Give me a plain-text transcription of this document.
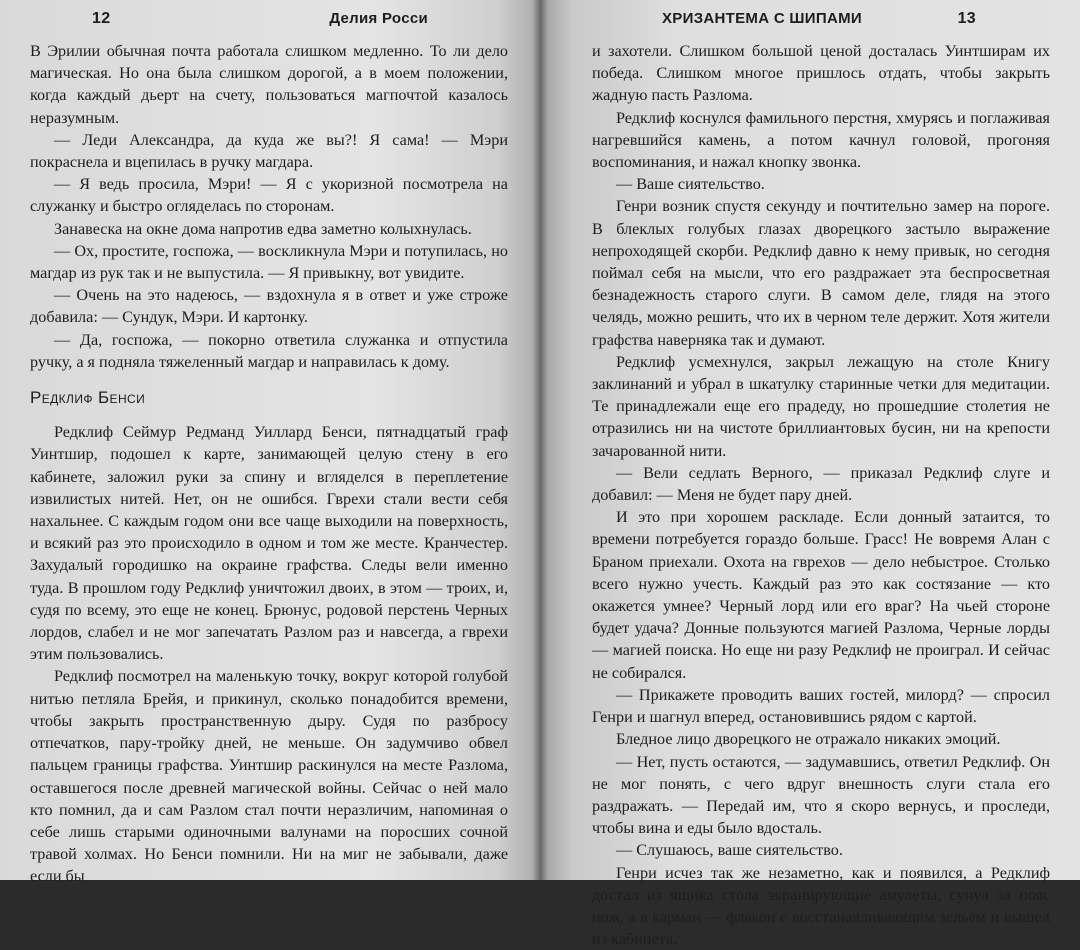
12	Делия Росси

В Эрилии обычная почта работала слишком медленно. То ли дело магическая. Но она была слишком дорогой, а в моем положении, когда каждый дьерт на счету, пользоваться магпочтой казалось неразумным.

— Леди Александра, да куда же вы?! Я сама! — Мэри покраснела и вцепилась в ручку магдара.

— Я ведь просила, Мэри! — Я с укоризной посмотрела на служанку и быстро огляделась по сторонам.

Занавеска на окне дома напротив едва заметно колыхнулась.

— Ох, простите, госпожа, — воскликнула Мэри и потупилась, но магдар из рук так и не выпустила. — Я привыкну, вот увидите.

— Очень на это надеюсь, — вздохнула я в ответ и уже строже добавила: — Сундук, Мэри. И картонку.

— Да, госпожа, — покорно ответила служанка и отпустила ручку, а я подняла тяжеленный магдар и направилась к дому.

Редклиф Бенси

Редклиф Сеймур Редманд Уиллард Бенси, пятнадцатый граф Уинтшир, подошел к карте, занимающей целую стену в его кабинете, заложил руки за спину и вгляделся в переплетение извилистых нитей. Нет, он не ошибся. Гврехи стали вести себя нахальнее. С каждым годом они все чаще выходили на поверхность, и всякий раз это происходило в одном и том же месте. Кранчестер. Захудалый городишко на окраине графства. Следы вели именно туда. В прошлом году Редклиф уничтожил двоих, в этом — троих, и, судя по всему, это еще не конец. Брюнус, родовой перстень Черных лордов, слабел и не мог запечатать Разлом раз и навсегда, а гврехи этим пользовались.

Редклиф посмотрел на маленькую точку, вокруг которой голубой нитью петляла Брейя, и прикинул, сколько понадобится времени, чтобы закрыть пространственную дыру. Судя по разбросу отпечатков, пару-тройку дней, не меньше. Он задумчиво обвел пальцем границы графства. Уинтшир раскинулся на месте Разлома, оставшегося после древней магической войны. Сейчас о ней мало кто помнил, да и сам Разлом стал почти неразличим, напоминая о себе лишь старыми одиночными валунами на поросших сочной травой холмах. Но Бенси помнили. Ни на миг не забывали, даже если бы

ХРИЗАНТЕМА С ШИПАМИ	13

и захотели. Слишком большой ценой досталась Уинтширам их победа. Слишком многое пришлось отдать, чтобы закрыть жадную пасть Разлома.

Редклиф коснулся фамильного перстня, хмурясь и поглаживая нагревшийся камень, а потом качнул головой, прогоняя воспоминания, и нажал кнопку звонка.

— Ваше сиятельство.

Генри возник спустя секунду и почтительно замер на пороге. В блеклых голубых глазах дворецкого застыло выражение непроходящей скорби. Редклиф давно к нему привык, но сегодня поймал себя на мысли, что его раздражает эта беспросветная безнадежность старого слуги. В самом деле, глядя на этого челядь, можно решить, что их в черном теле держит. Хотя жители графства наверняка так и думают.

Редклиф усмехнулся, закрыл лежащую на столе Книгу заклинаний и убрал в шкатулку старинные четки для медитации. Те принадлежали еще его прадеду, но прошедшие столетия не отразились ни на чистоте бриллиантовых бусин, ни на крепости зачарованной нити.

— Вели седлать Верного, — приказал Редклиф слуге и добавил: — Меня не будет пару дней.

И это при хорошем раскладе. Если донный затаится, то времени потребуется гораздо больше. Грасс! Не вовремя Алан с Браном приехали. Охота на гврехов — дело небыстрое. Столько всего нужно учесть. Каждый раз это как состязание — кто окажется умнее? Черный лорд или его враг? На чьей стороне будет удача? Донные пользуются магией Разлома, Черные лорды — магией поиска. Но еще ни разу Редклиф не проиграл. И сейчас не собирался.

— Прикажете проводить ваших гостей, милорд? — спросил Генри и шагнул вперед, остановившись рядом с картой.

Бледное лицо дворецкого не отражало никаких эмоций.

— Нет, пусть остаются, — задумавшись, ответил Редклиф. Он не мог понять, с чего вдруг внешность слуги стала его раздражать. — Передай им, что я скоро вернусь, и проследи, чтобы вина и еды было вдосталь.

— Слушаюсь, ваше сиятельство.

Генри исчез так же незаметно, как и появился, а Редклиф достал из ящика стола экранирующие амулеты, сунул за пояс нож, а в карман — флакон с восстанавливающим зельем и вышел из кабинета.
